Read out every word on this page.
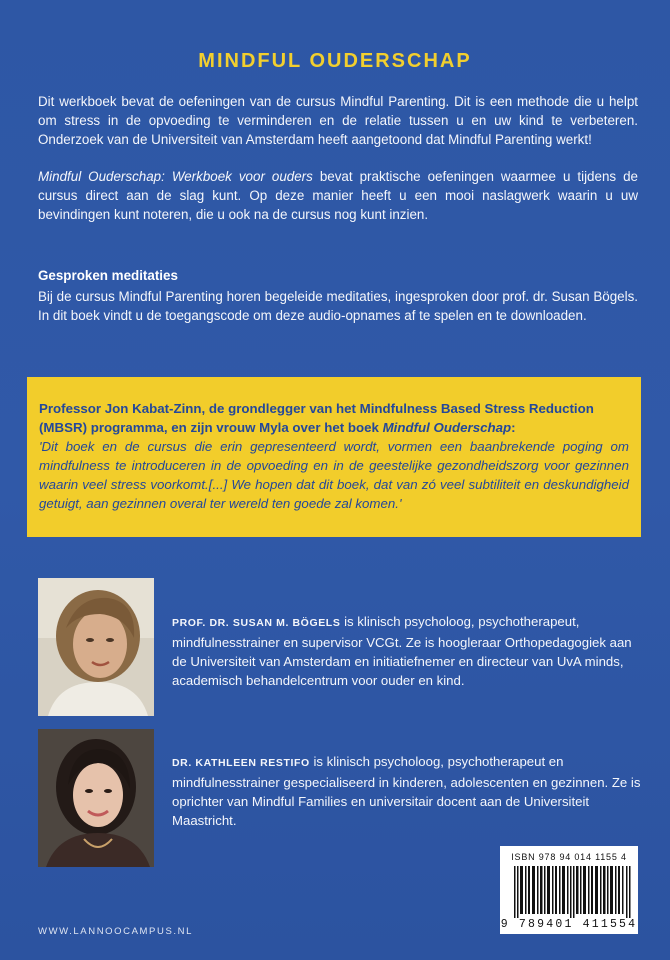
MINDFUL OUDERSCHAP
Dit werkboek bevat de oefeningen van de cursus Mindful Parenting. Dit is een methode die u helpt om stress in de opvoeding te verminderen en de relatie tussen u en uw kind te verbeteren. Onderzoek van de Universiteit van Amsterdam heeft aangetoond dat Mindful Parenting werkt!
Mindful Ouderschap: Werkboek voor ouders bevat praktische oefeningen waarmee u tijdens de cursus direct aan de slag kunt. Op deze manier heeft u een mooi naslagwerk waarin u uw bevindingen kunt noteren, die u ook na de cursus nog kunt inzien.
Gesproken meditaties
Bij de cursus Mindful Parenting horen begeleide meditaties, ingesproken door prof. dr. Susan Bögels. In dit boek vindt u de toegangscode om deze audio-opnames af te spelen en te downloaden.
Professor Jon Kabat-Zinn, de grondlegger van het Mindfulness Based Stress Reduction (MBSR) programma, en zijn vrouw Myla over het boek Mindful Ouderschap:
'Dit boek en de cursus die erin gepresenteerd wordt, vormen een baanbrekende poging om mindfulness te introduceren in de opvoeding en in de geestelijke gezondheidszorg voor gezinnen waarin veel stress voorkomt.[...] We hopen dat dit boek, dat van zó veel subtiliteit en deskundigheid getuigt, aan gezinnen overal ter wereld ten goede zal komen.'
PROF. DR. SUSAN M. BÖGELS is klinisch psycholoog, psychotherapeut, mindfulnesstrainer en supervisor VCGt. Ze is hoogleraar Orthopedagogiek aan de Universiteit van Amsterdam en initiatiefnemer en directeur van UvA minds, academisch behandelcentrum voor ouder en kind.
DR. KATHLEEN RESTIFO is klinisch psycholoog, psychotherapeut en mindfulnesstrainer gespecialiseerd in kinderen, adolescenten en gezinnen. Ze is oprichter van Mindful Families en universitair docent aan de Universiteit Maastricht.
WWW.LANNOOCAMPUS.NL
ISBN 978 94 014 1155 4
9 789401 411554
